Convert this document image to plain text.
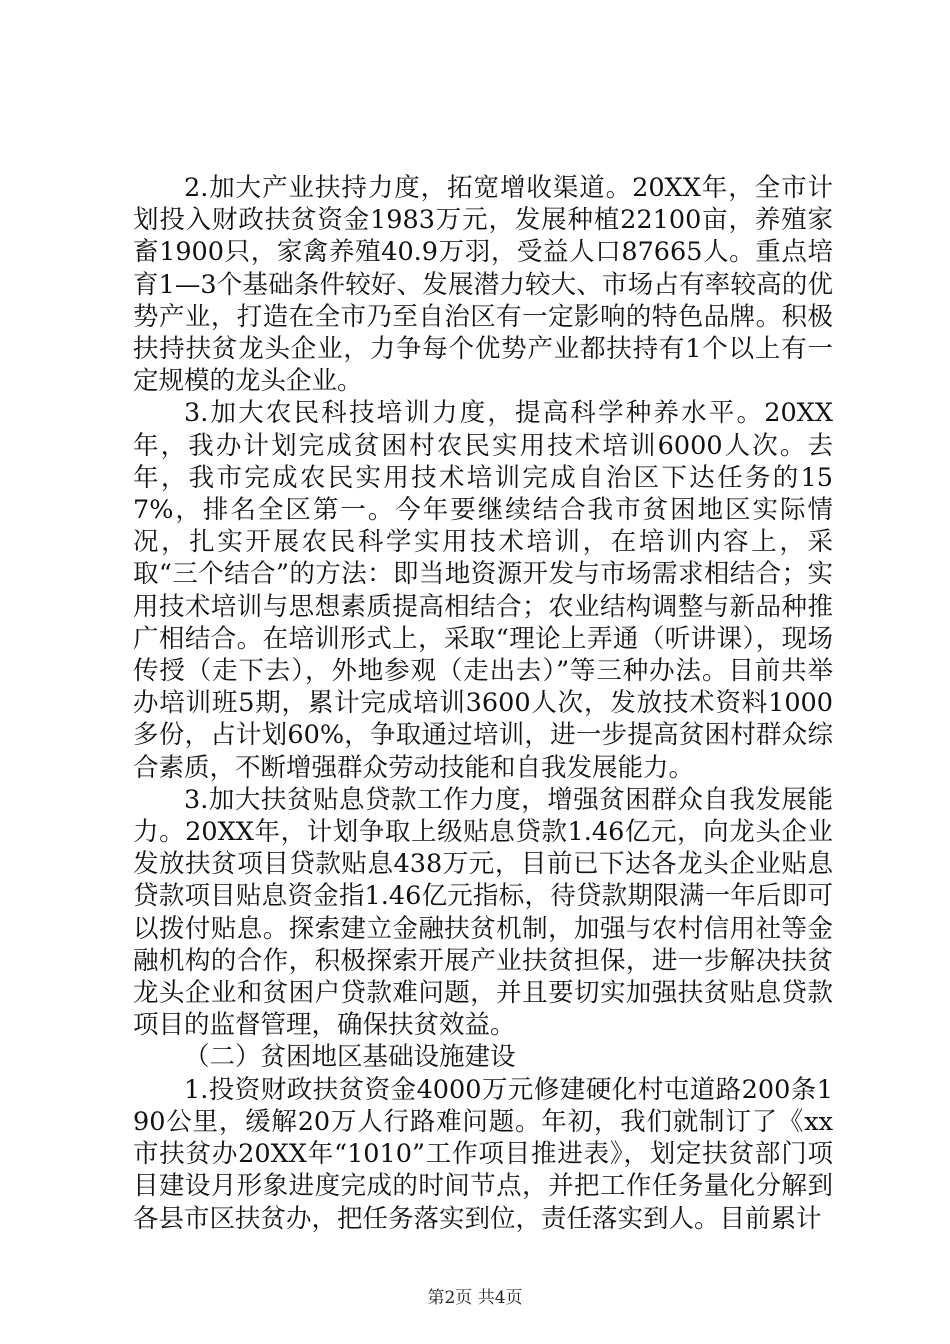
2.加大产业扶持力度，拓宽增收渠道。20XX年，全市计划投入财政扶贫资金1983万元，发展种植22100亩，养殖家畜1900只，家禽养殖40.9万羽，受益人口87665人。重点培育1—3个基础条件较好、发展潜力较大、市场占有率较高的优势产业，打造在全市乃至自治区有一定影响的特色品牌。积极扶持扶贫龙头企业，力争每个优势产业都扶持有1个以上有一定规模的龙头企业。

3.加大农民科技培训力度，提高科学种养水平。20XX年，我办计划完成贫困村农民实用技术培训6000人次。去年，我市完成农民实用技术培训完成自治区下达任务的157%，排名全区第一。今年要继续结合我市贫困地区实际情况，扎实开展农民科学实用技术培训，在培训内容上，采取“三个结合”的方法：即当地资源开发与市场需求相结合；实用技术培训与思想素质提高相结合；农业结构调整与新品种推广相结合。在培训形式上，采取“理论上弄通（听讲课），现场传授（走下去），外地参观（走出去）”等三种办法。目前共举办培训班5期，累计完成培训3600人次，发放技术资料1000多份，占计划60%，争取通过培训，进一步提高贫困村群众综合素质，不断增强群众劳动技能和自我发展能力。

3.加大扶贫贴息贷款工作力度，增强贫困群众自我发展能力。20XX年，计划争取上级贴息贷款1.46亿元，向龙头企业发放扶贫项目贷款贴息438万元，目前已下达各龙头企业贴息贷款项目贴息资金指1.46亿元指标，待贷款期限满一年后即可以拨付贴息。探索建立金融扶贫机制，加强与农村信用社等金融机构的合作，积极探索开展产业扶贫担保，进一步解决扶贫龙头企业和贫困户贷款难问题，并且要切实加强扶贫贴息贷款项目的监督管理，确保扶贫效益。

（二）贫困地区基础设施建设

1.投资财政扶贫资金4000万元修建硬化村屯道路200条190公里，缓解20万人行路难问题。年初，我们就制订了《xx市扶贫办20XX年“1010”工作项目推进表》，划定扶贫部门项目建设月形象进度完成的时间节点，并把工作任务量化分解到各县市区扶贫办，把任务落实到位，责任落实到人。目前累计

第2页 共4页
